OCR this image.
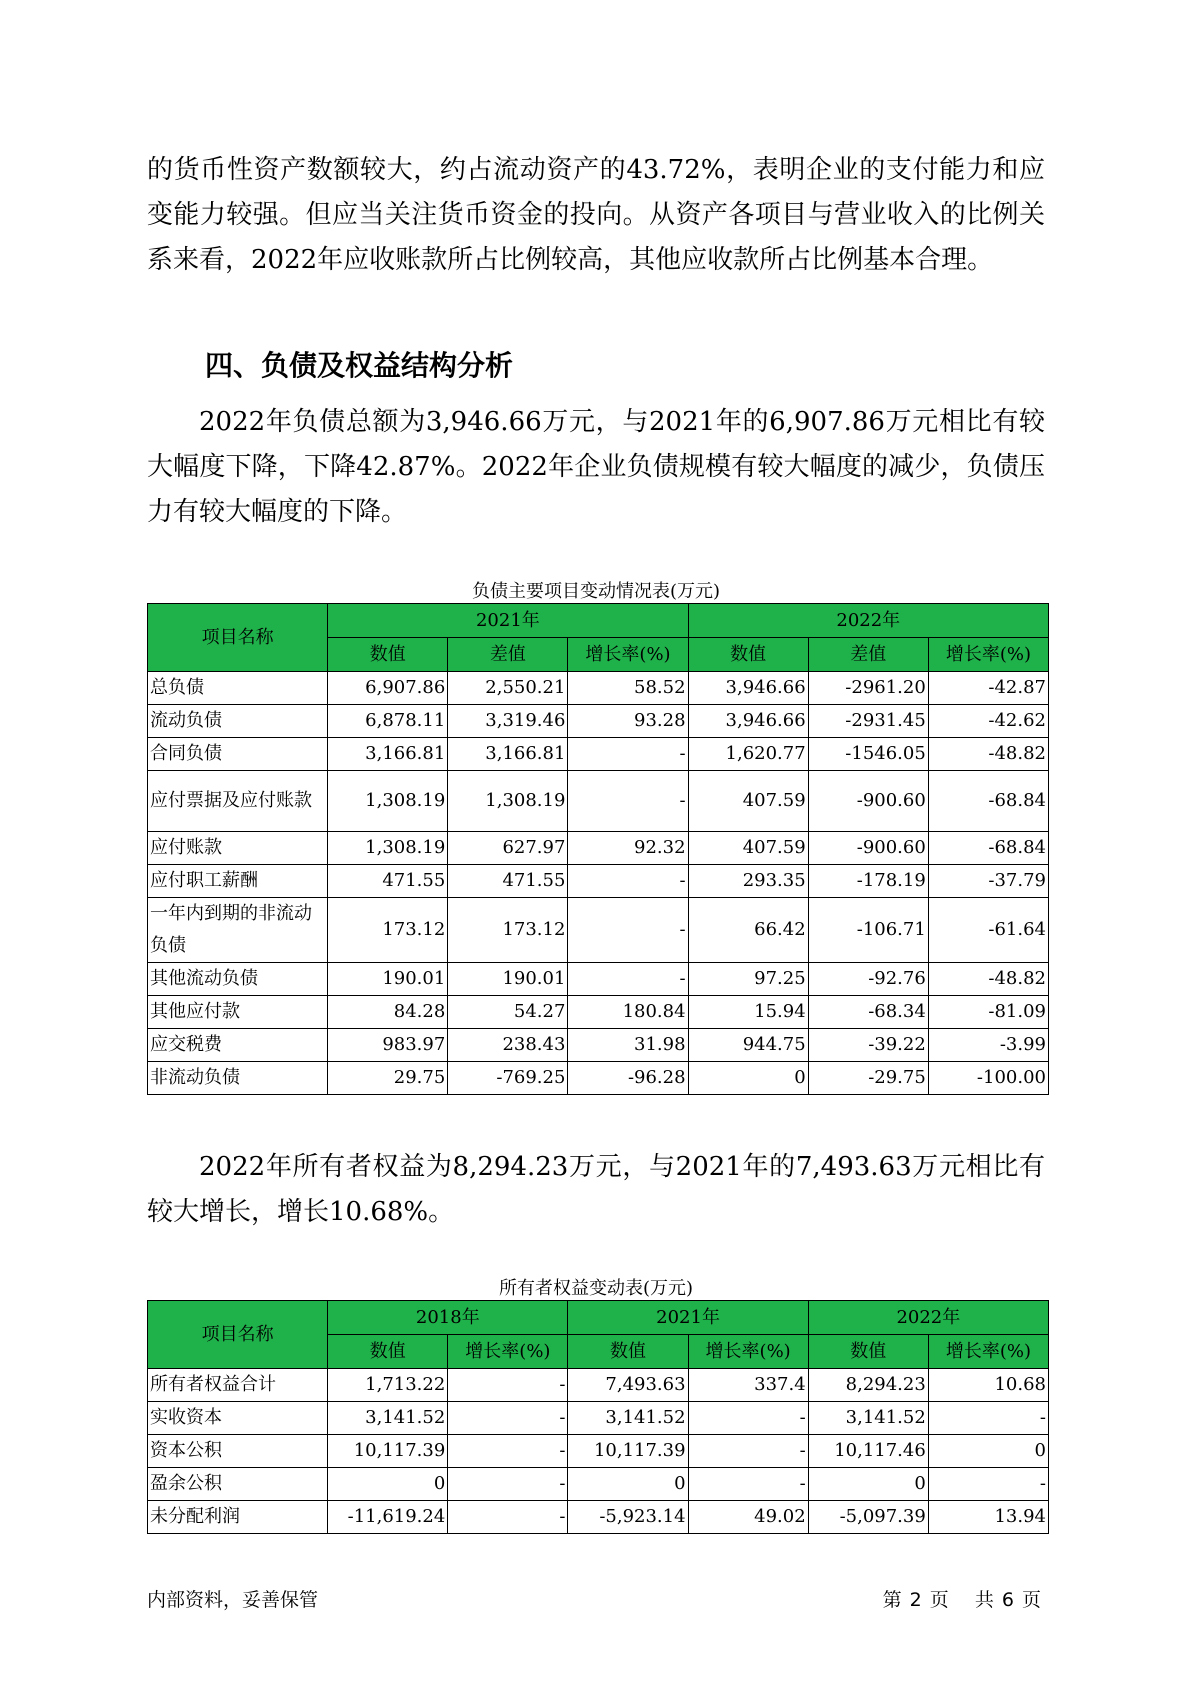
的货币性资产数额较大，约占流动资产的43.72%，表明企业的支付能力和应变能力较强。但应当关注货币资金的投向。从资产各项目与营业收入的比例关系来看，2022年应收账款所占比例较高，其他应收款所占比例基本合理。

四、负债及权益结构分析

2022年负债总额为3,946.66万元，与2021年的6,907.86万元相比有较大幅度下降，下降42.87%。2022年企业负债规模有较大幅度的减少，负债压力有较大幅度的下降。

负债主要项目变动情况表(万元)
项目名称	2021年			2022年		
	数值	差值	增长率(%)	数值	差值	增长率(%)
总负债	6,907.86	2,550.21	58.52	3,946.66	-2961.20	-42.87
流动负债	6,878.11	3,319.46	93.28	3,946.66	-2931.45	-42.62
合同负债	3,166.81	3,166.81	-	1,620.77	-1546.05	-48.82
应付票据及应付账款	1,308.19	1,308.19	-	407.59	-900.60	-68.84
应付账款	1,308.19	627.97	92.32	407.59	-900.60	-68.84
应付职工薪酬	471.55	471.55	-	293.35	-178.19	-37.79
一年内到期的非流动负债	173.12	173.12	-	66.42	-106.71	-61.64
其他流动负债	190.01	190.01	-	97.25	-92.76	-48.82
其他应付款	84.28	54.27	180.84	15.94	-68.34	-81.09
应交税费	983.97	238.43	31.98	944.75	-39.22	-3.99
非流动负债	29.75	-769.25	-96.28	0	-29.75	-100.00

2022年所有者权益为8,294.23万元，与2021年的7,493.63万元相比有较大增长，增长10.68%。

所有者权益变动表(万元)
项目名称	2018年		2021年		2022年	
	数值	增长率(%)	数值	增长率(%)	数值	增长率(%)
所有者权益合计	1,713.22	-	7,493.63	337.4	8,294.23	10.68
实收资本	3,141.52	-	3,141.52	-	3,141.52	-
资本公积	10,117.39	-	10,117.39	-	10,117.46	0
盈余公积	0	-	0	-	0	-
未分配利润	-11,619.24	-	-5,923.14	49.02	-5,097.39	13.94
内部资料，妥善保管	第 2 页 共 6 页
